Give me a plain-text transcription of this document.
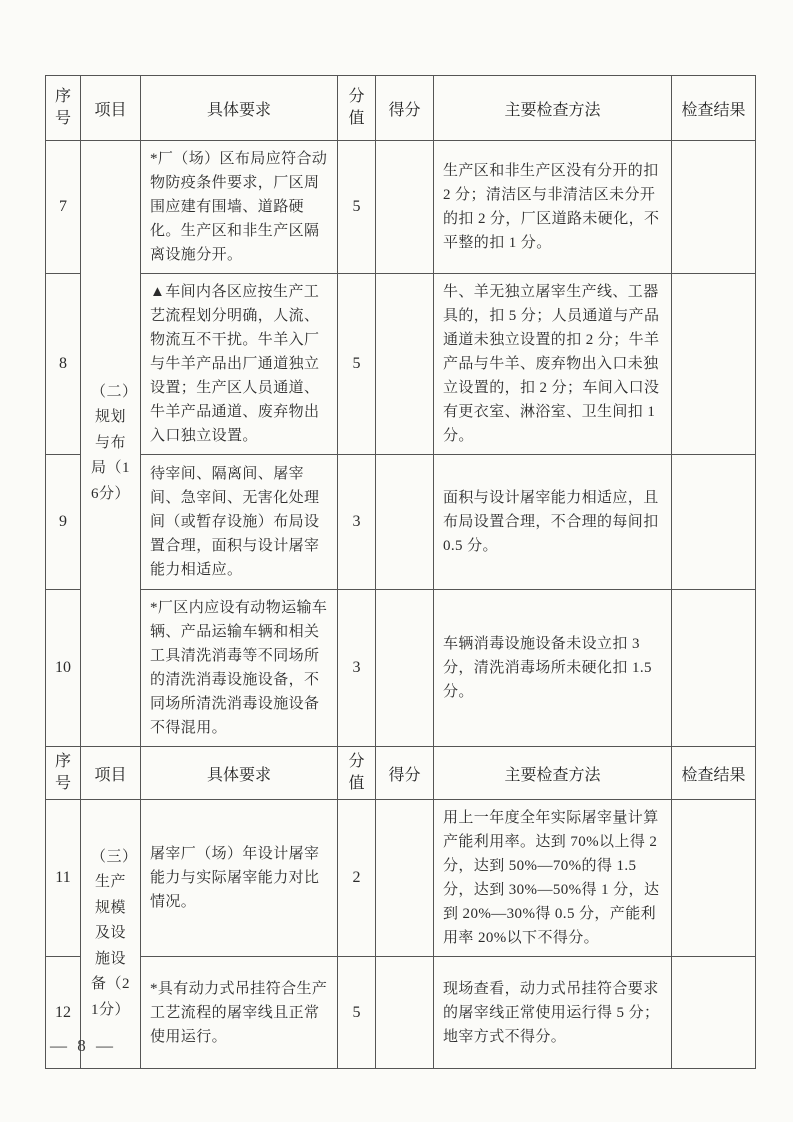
序号	项目	具体要求	分值	得分	主要检查方法	检查结果
7	（二）规划与布局（16分）	*厂（场）区布局应符合动物防疫条件要求，厂区周围应建有围墙、道路硬化。生产区和非生产区隔离设施分开。	5		生产区和非生产区没有分开的扣 2 分；清洁区与非清洁区未分开的扣 2 分，厂区道路未硬化，不平整的扣 1 分。	
8		▲车间内各区应按生产工艺流程划分明确，人流、物流互不干扰。牛羊入厂与牛羊产品出厂通道独立设置；生产区人员通道、牛羊产品通道、废弃物出入口独立设置。	5		牛、羊无独立屠宰生产线、工器具的，扣 5 分；人员通道与产品通道未独立设置的扣 2 分；牛羊产品与牛羊、废弃物出入口未独立设置的，扣 2 分；车间入口没有更衣室、淋浴室、卫生间扣 1 分。	
9		待宰间、隔离间、屠宰间、急宰间、无害化处理间（或暂存设施）布局设置合理，面积与设计屠宰能力相适应。	3		面积与设计屠宰能力相适应，且布局设置合理，不合理的每间扣 0.5 分。	
10		*厂区内应设有动物运输车辆、产品运输车辆和相关工具清洗消毒等不同场所的清洗消毒设施设备，不同场所清洗消毒设施设备不得混用。	3		车辆消毒设施设备未设立扣 3 分，清洗消毒场所未硬化扣 1.5 分。	
序号	项目	具体要求	分值	得分	主要检查方法	检查结果
11	（三）生产规模及设施设备（21分）	屠宰厂（场）年设计屠宰能力与实际屠宰能力对比情况。	2		用上一年度全年实际屠宰量计算产能利用率。达到 70%以上得 2 分，达到 50%—70%的得 1.5 分，达到 30%—50%得 1 分，达到 20%—30%得 0.5 分，产能利用率 20%以下不得分。	
12		*具有动力式吊挂符合生产工艺流程的屠宰线且正常使用运行。	5		现场查看，动力式吊挂符合要求的屠宰线正常使用运行得 5 分；地宰方式不得分。	
— 8 —
